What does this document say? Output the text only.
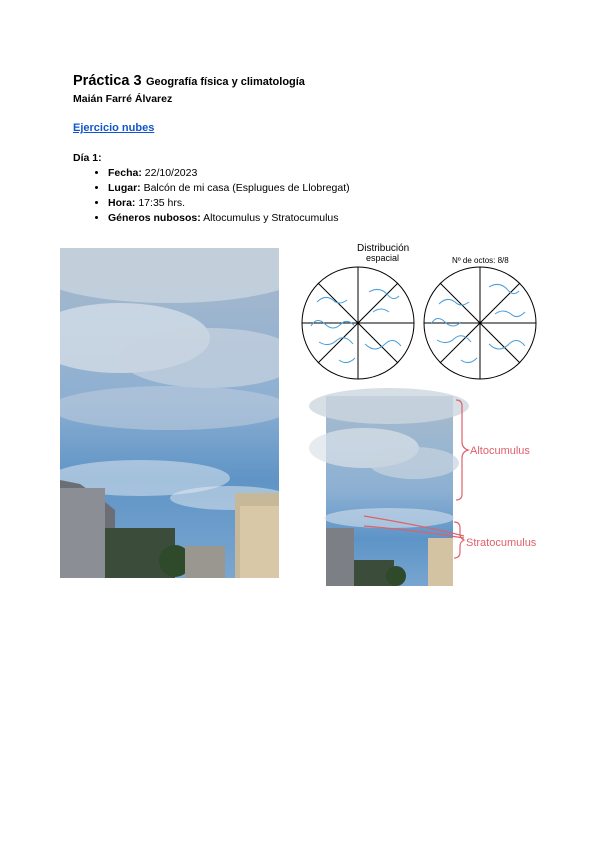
Práctica 3 Geografía física y climatología
Maián Farré Álvarez
Ejercicio nubes
Día 1:
• Fecha: 22/10/2023
• Lugar: Balcón de mi casa (Esplugues de Llobregat)
• Hora: 17:35 hrs.
• Géneros nubosos: Altocumulus y Stratocumulus
Distribución
espacial	Nº de octos: 8/8
Altocumulus
Stratocumulus
